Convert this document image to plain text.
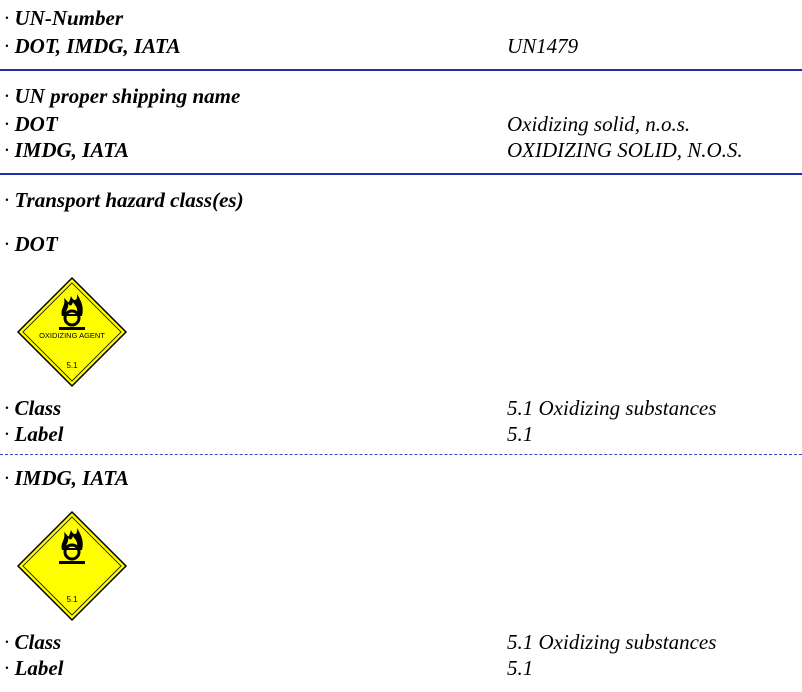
· UN-Number
· DOT, IMDG, IATA	UN1479
· UN proper shipping name
· DOT	Oxidizing solid, n.o.s.
· IMDG, IATA	OXIDIZING SOLID, N.O.S.
· Transport hazard class(es)
· DOT
OXIDIZING AGENT
5.1
· Class	5.1 Oxidizing substances
· Label	5.1
· IMDG, IATA
5.1
· Class	5.1 Oxidizing substances
· Label	5.1
